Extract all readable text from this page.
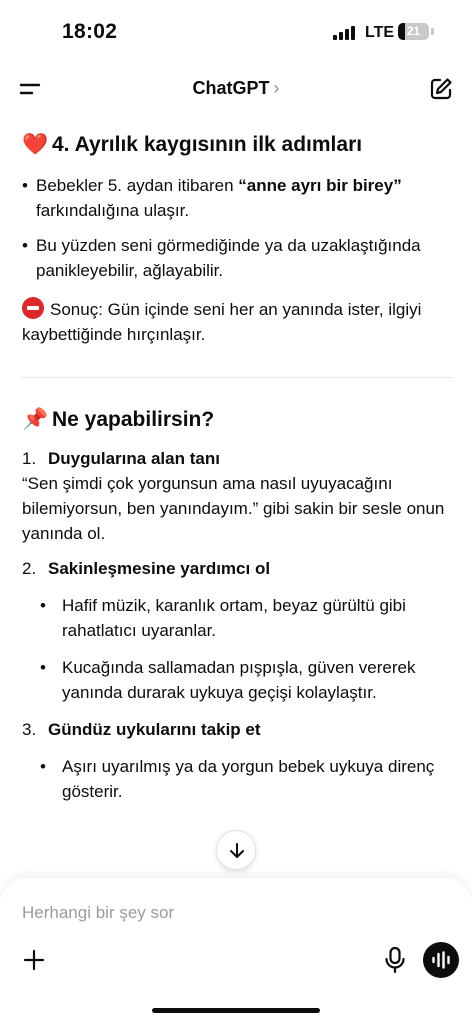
18:02	LTE	21
ChatGPT ›
❤️ 4. Ayrılık kaygısının ilk adımları
• Bebekler 5. aydan itibaren “anne ayrı bir birey” farkındalığına ulaşır.
• Bu yüzden seni görmediğinde ya da uzaklaştığında panikleyebilir, ağlayabilir.

Sonuç: Gün içinde seni her an yanında ister, ilgiyi kaybettiğinde hırçınlaşır.

📌 Ne yapabilirsin?
1. Duygularına alan tanı

“Sen şimdi çok yorgunsun ama nasıl uyuyacağını bilemiyorsun, ben yanındayım.” gibi sakin bir sesle onun yanında ol.

2. Sakinleşmesine yardımcı ol
• Hafif müzik, karanlık ortam, beyaz gürültü gibi rahatlatıcı uyaranlar.
• Kucağında sallamadan pışpışla, güven vererek yanında durarak uykuya geçişi kolaylaştır.
3. Gündüz uykularını takip et
• Aşırı uyarılmış ya da yorgun bebek uykuya direnç gösterir.
Herhangi bir şey sor
